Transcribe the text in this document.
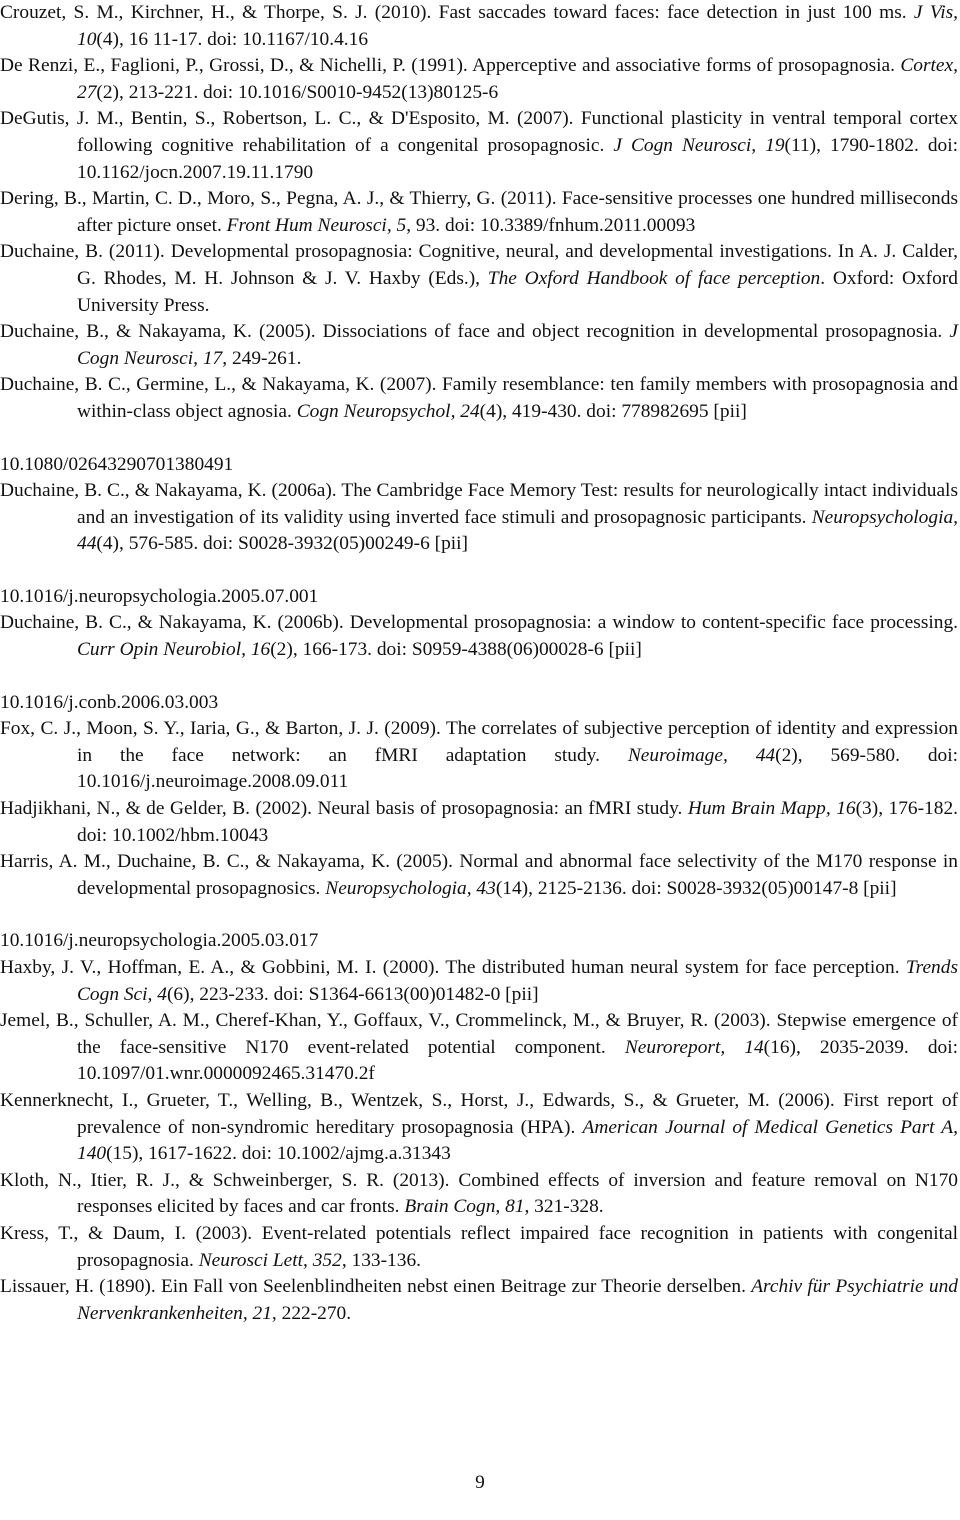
Crouzet, S. M., Kirchner, H., & Thorpe, S. J. (2010). Fast saccades toward faces: face detection in just 100 ms. J Vis, 10(4), 16 11-17. doi: 10.1167/10.4.16

De Renzi, E., Faglioni, P., Grossi, D., & Nichelli, P. (1991). Apperceptive and associative forms of prosopagnosia. Cortex, 27(2), 213-221. doi: 10.1016/S0010-9452(13)80125-6

DeGutis, J. M., Bentin, S., Robertson, L. C., & D'Esposito, M. (2007). Functional plasticity in ventral temporal cortex following cognitive rehabilitation of a congenital prosopagnosic. J Cogn Neurosci, 19(11), 1790-1802. doi: 10.1162/jocn.2007.19.11.1790

Dering, B., Martin, C. D., Moro, S., Pegna, A. J., & Thierry, G. (2011). Face-sensitive processes one hundred milliseconds after picture onset. Front Hum Neurosci, 5, 93. doi: 10.3389/fnhum.2011.00093

Duchaine, B. (2011). Developmental prosopagnosia: Cognitive, neural, and developmental investigations. In A. J. Calder, G. Rhodes, M. H. Johnson & J. V. Haxby (Eds.), The Oxford Handbook of face perception. Oxford: Oxford University Press.

Duchaine, B., & Nakayama, K. (2005). Dissociations of face and object recognition in developmental prosopagnosia. J Cogn Neurosci, 17, 249-261.

Duchaine, B. C., Germine, L., & Nakayama, K. (2007). Family resemblance: ten family members with prosopagnosia and within-class object agnosia. Cogn Neuropsychol, 24(4), 419-430. doi: 778982695 [pii]

10.1080/02643290701380491

Duchaine, B. C., & Nakayama, K. (2006a). The Cambridge Face Memory Test: results for neurologically intact individuals and an investigation of its validity using inverted face stimuli and prosopagnosic participants. Neuropsychologia, 44(4), 576-585. doi: S0028-3932(05)00249-6 [pii]

10.1016/j.neuropsychologia.2005.07.001

Duchaine, B. C., & Nakayama, K. (2006b). Developmental prosopagnosia: a window to content-specific face processing. Curr Opin Neurobiol, 16(2), 166-173. doi: S0959-4388(06)00028-6 [pii]

10.1016/j.conb.2006.03.003

Fox, C. J., Moon, S. Y., Iaria, G., & Barton, J. J. (2009). The correlates of subjective perception of identity and expression in the face network: an fMRI adaptation study. Neuroimage, 44(2), 569-580. doi: 10.1016/j.neuroimage.2008.09.011

Hadjikhani, N., & de Gelder, B. (2002). Neural basis of prosopagnosia: an fMRI study. Hum Brain Mapp, 16(3), 176-182. doi: 10.1002/hbm.10043

Harris, A. M., Duchaine, B. C., & Nakayama, K. (2005). Normal and abnormal face selectivity of the M170 response in developmental prosopagnosics. Neuropsychologia, 43(14), 2125-2136. doi: S0028-3932(05)00147-8 [pii]

10.1016/j.neuropsychologia.2005.03.017

Haxby, J. V., Hoffman, E. A., & Gobbini, M. I. (2000). The distributed human neural system for face perception. Trends Cogn Sci, 4(6), 223-233. doi: S1364-6613(00)01482-0 [pii]

Jemel, B., Schuller, A. M., Cheref-Khan, Y., Goffaux, V., Crommelinck, M., & Bruyer, R. (2003). Stepwise emergence of the face-sensitive N170 event-related potential component. Neuroreport, 14(16), 2035-2039. doi: 10.1097/01.wnr.0000092465.31470.2f

Kennerknecht, I., Grueter, T., Welling, B., Wentzek, S., Horst, J., Edwards, S., & Grueter, M. (2006). First report of prevalence of non-syndromic hereditary prosopagnosia (HPA). American Journal of Medical Genetics Part A, 140(15), 1617-1622. doi: 10.1002/ajmg.a.31343

Kloth, N., Itier, R. J., & Schweinberger, S. R. (2013). Combined effects of inversion and feature removal on N170 responses elicited by faces and car fronts. Brain Cogn, 81, 321-328.

Kress, T., & Daum, I. (2003). Event-related potentials reflect impaired face recognition in patients with congenital prosopagnosia. Neurosci Lett, 352, 133-136.

Lissauer, H. (1890). Ein Fall von Seelenblindheiten nebst einen Beitrage zur Theorie derselben. Archiv für Psychiatrie und Nervenkrankenheiten, 21, 222-270.

9
